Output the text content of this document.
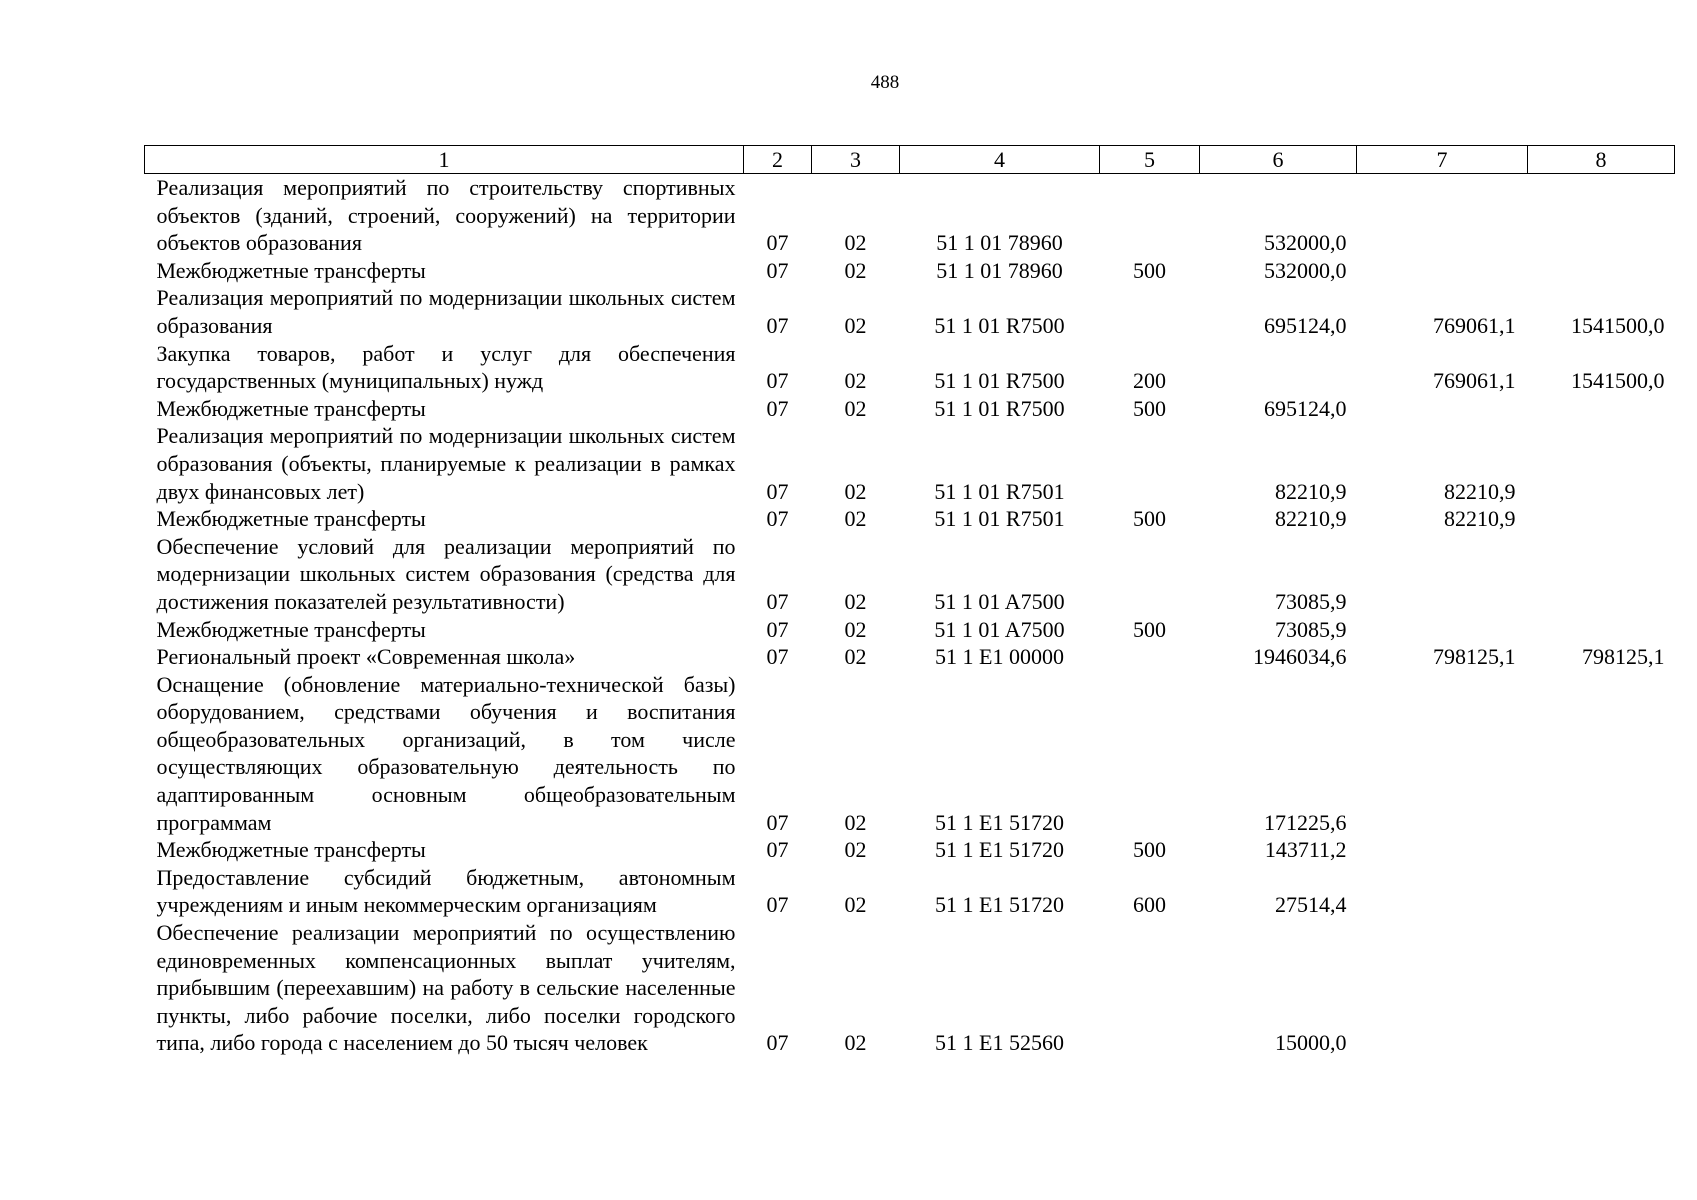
488
1	2	3	4	5	6	7	8
Реализация мероприятий по строительству спортивных объектов (зданий, строений, сооружений) на территории объектов образования	07	02	51 1 01 78960		532000,0		
Межбюджетные трансферты	07	02	51 1 01 78960	500	532000,0		
Реализация мероприятий по модернизации школьных систем образования	07	02	51 1 01 R7500		695124,0	769061,1	1541500,0
Закупка товаров, работ и услуг для обеспечения государственных (муниципальных) нужд	07	02	51 1 01 R7500	200		769061,1	1541500,0
Межбюджетные трансферты	07	02	51 1 01 R7500	500	695124,0		
Реализация мероприятий по модернизации школьных систем образования (объекты, планируемые к реализации в рамках двух финансовых лет)	07	02	51 1 01 R7501		82210,9	82210,9	
Межбюджетные трансферты	07	02	51 1 01 R7501	500	82210,9	82210,9	
Обеспечение условий для реализации мероприятий по модернизации школьных систем образования (средства для достижения показателей результативности)	07	02	51 1 01 A7500		73085,9		
Межбюджетные трансферты	07	02	51 1 01 A7500	500	73085,9		
Региональный проект «Современная школа»	07	02	51 1 E1 00000		1946034,6	798125,1	798125,1
Оснащение (обновление материально-технической базы) оборудованием, средствами обучения и воспитания общеобразовательных организаций, в том числе осуществляющих образовательную деятельность по адаптированным основным общеобразовательным программам	07	02	51 1 E1 51720		171225,6		
Межбюджетные трансферты	07	02	51 1 E1 51720	500	143711,2		
Предоставление субсидий бюджетным, автономным учреждениям и иным некоммерческим организациям	07	02	51 1 E1 51720	600	27514,4		
Обеспечение реализации мероприятий по осуществлению единовременных компенсационных выплат учителям, прибывшим (переехавшим) на работу в сельские населенные пункты, либо рабочие поселки, либо поселки городского типа, либо города с населением до 50 тысяч человек	07	02	51 1 E1 52560		15000,0		
